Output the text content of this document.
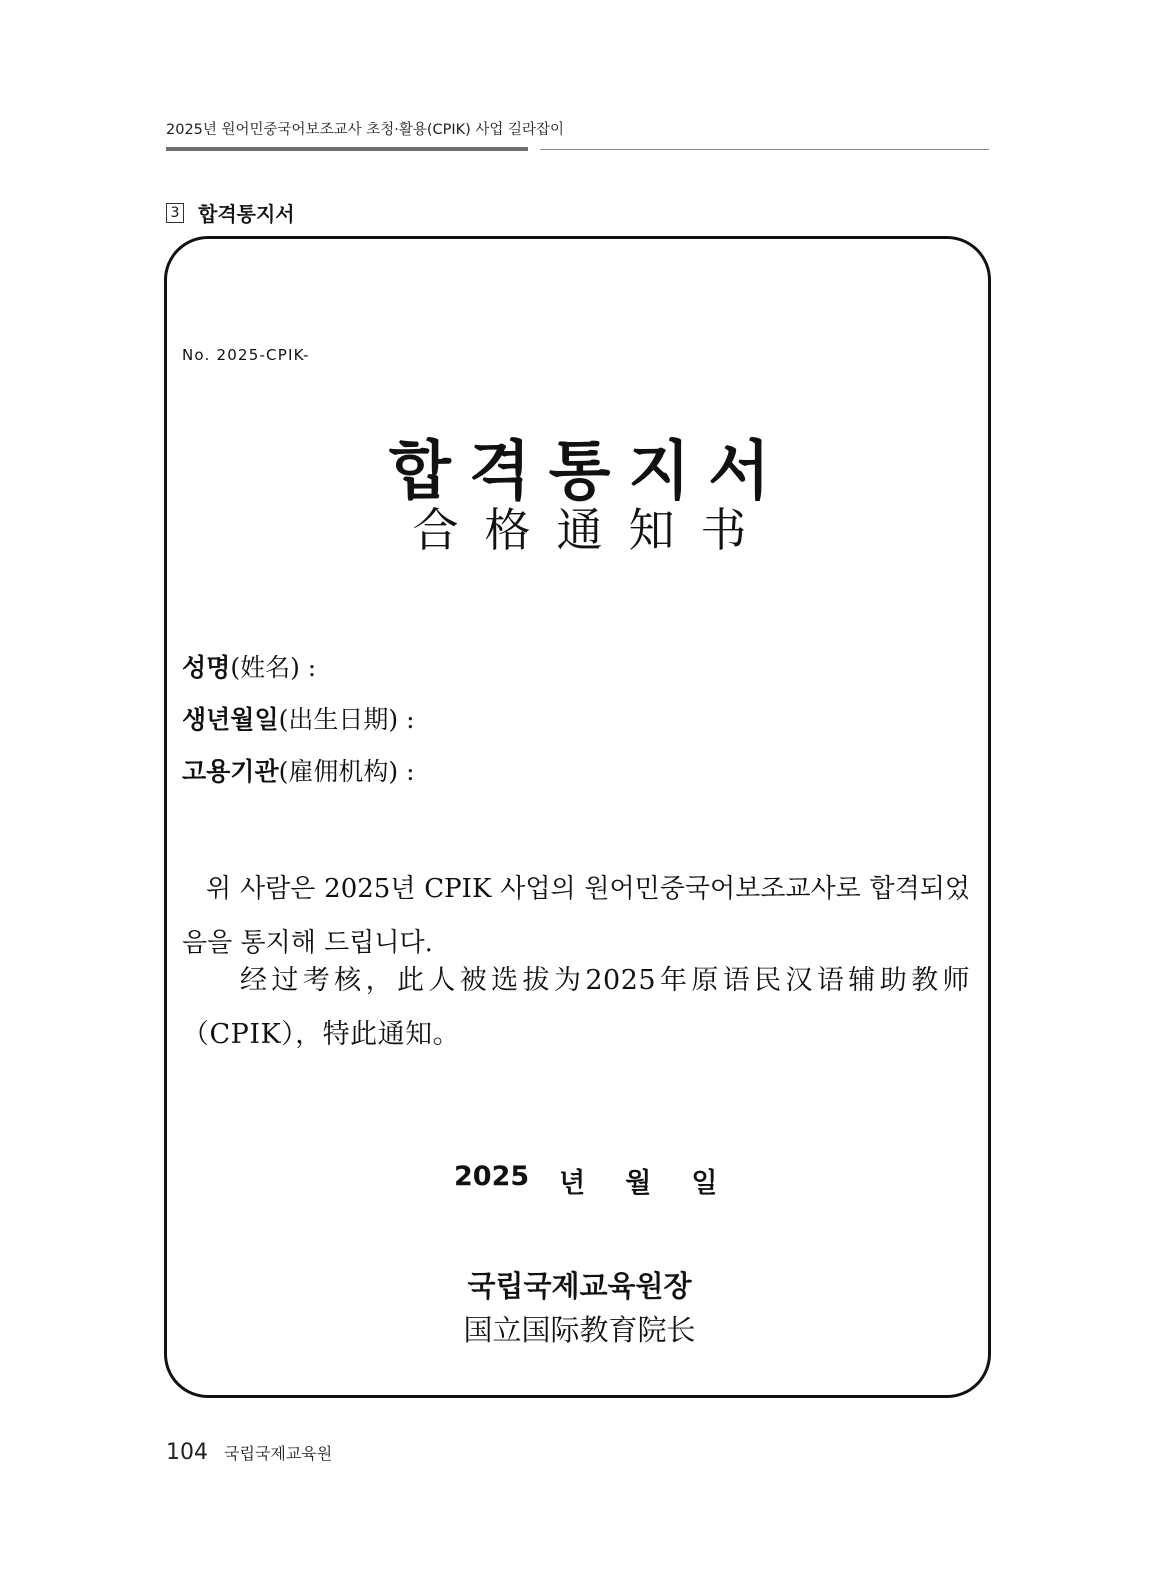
2025년 원어민중국어보조교사 초청·활용(CPIK) 사업 길라잡이
3 합격통지서
No. 2025-CPIK-
합격통지서
合格通知书
성명(姓名) :
생년월일(出生日期) :
고용기관(雇佣机构) :

위 사람은 2025년 CPIK 사업의 원어민중국어보조교사로 합격되었음을 통지해 드립니다.

经过考核，此人被选拔为2025年原语民汉语辅助教师（CPIK），特此通知。

2025 년 월 일
국립국제교육원장
国立国际教育院长
104 국립국제교육원
